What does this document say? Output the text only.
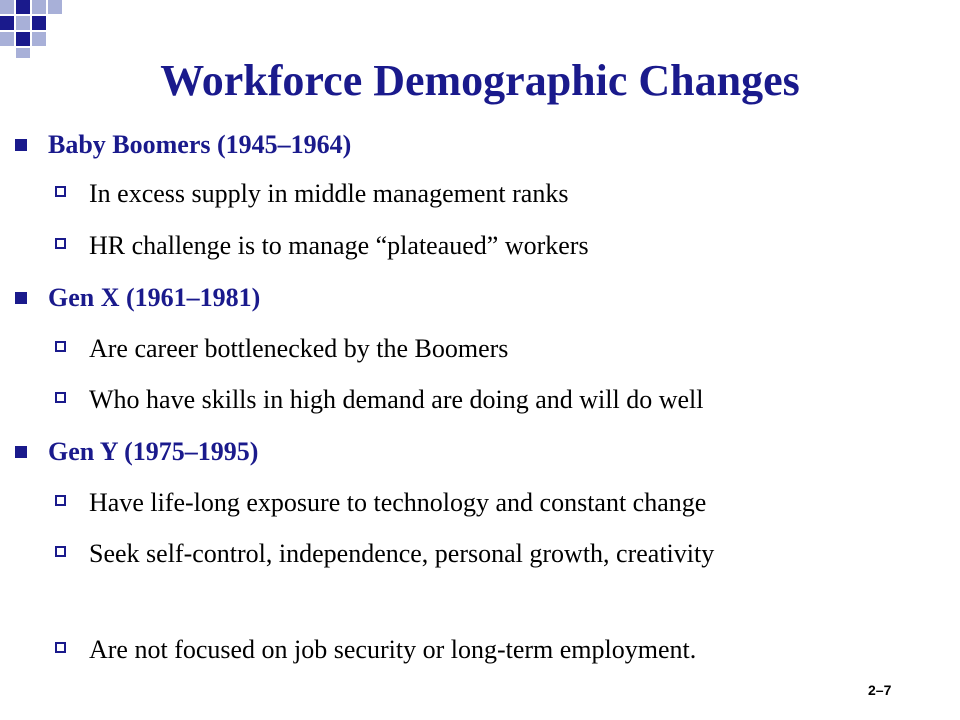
Workforce Demographic Changes
Baby Boomers (1945–1964)
In excess supply in middle management ranks
HR challenge is to manage “plateaued” workers
Gen X (1961–1981)
Are career bottlenecked by the Boomers
Who have skills in high demand are doing and will do well
Gen Y (1975–1995)
Have life-long exposure to technology and constant change
Seek self-control, independence, personal growth, creativity
Are not focused on job security or long-term employment.
2–7
